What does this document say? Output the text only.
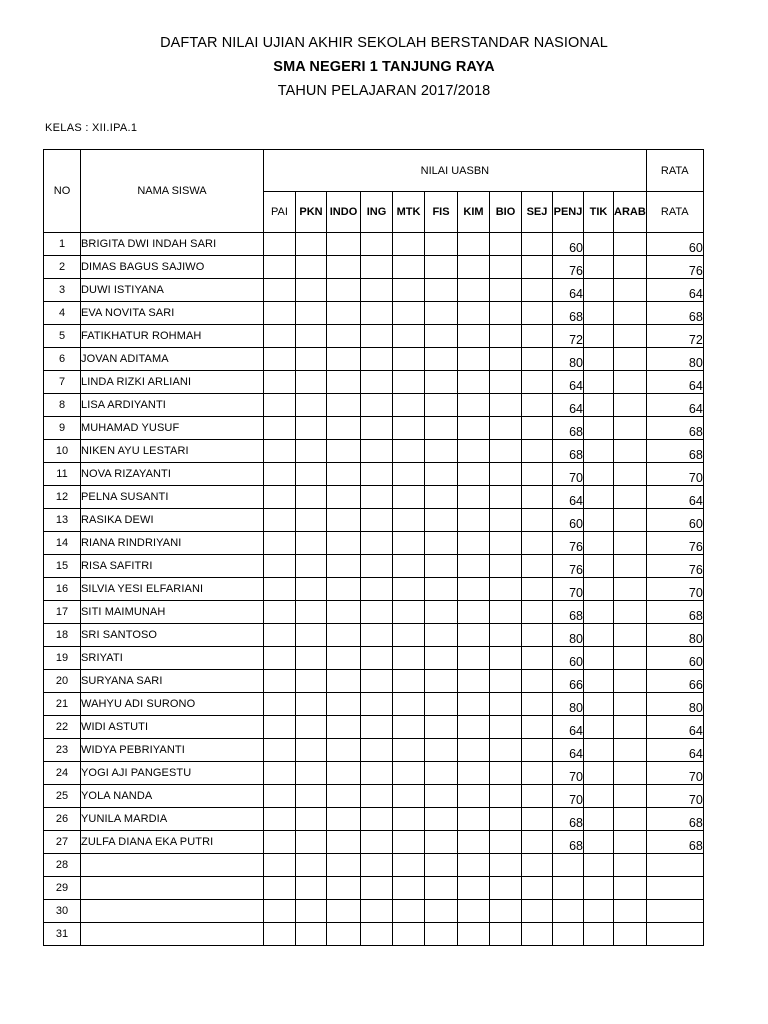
DAFTAR NILAI UJIAN AKHIR SEKOLAH BERSTANDAR NASIONAL
SMA NEGERI 1 TANJUNG RAYA
TAHUN PELAJARAN 2017/2018
KELAS : XII.IPA.1
NO	NAMA SISWA	NILAI UASBN												RATA
		PAI	PKN	INDO	ING	MTK	FIS	KIM	BIO	SEJ	PENJ	TIK	ARAB	RATA
1	BRIGITA DWI INDAH SARI										60			60
2	DIMAS BAGUS SAJIWO										76			76
3	DUWI ISTIYANA										64			64
4	EVA NOVITA SARI										68			68
5	FATIKHATUR ROHMAH										72			72
6	JOVAN ADITAMA										80			80
7	LINDA RIZKI ARLIANI										64			64
8	LISA ARDIYANTI										64			64
9	MUHAMAD YUSUF										68			68
10	NIKEN AYU LESTARI										68			68
11	NOVA RIZAYANTI										70			70
12	PELNA SUSANTI										64			64
13	RASIKA DEWI										60			60
14	RIANA RINDRIYANI										76			76
15	RISA SAFITRI										76			76
16	SILVIA YESI ELFARIANI										70			70
17	SITI MAIMUNAH										68			68
18	SRI SANTOSO										80			80
19	SRIYATI										60			60
20	SURYANA SARI										66			66
21	WAHYU ADI SURONO										80			80
22	WIDI ASTUTI										64			64
23	WIDYA PEBRIYANTI										64			64
24	YOGI AJI PANGESTU										70			70
25	YOLA NANDA										70			70
26	YUNILA MARDIA										68			68
27	ZULFA DIANA EKA PUTRI										68			68
28														
29														
30														
31														
